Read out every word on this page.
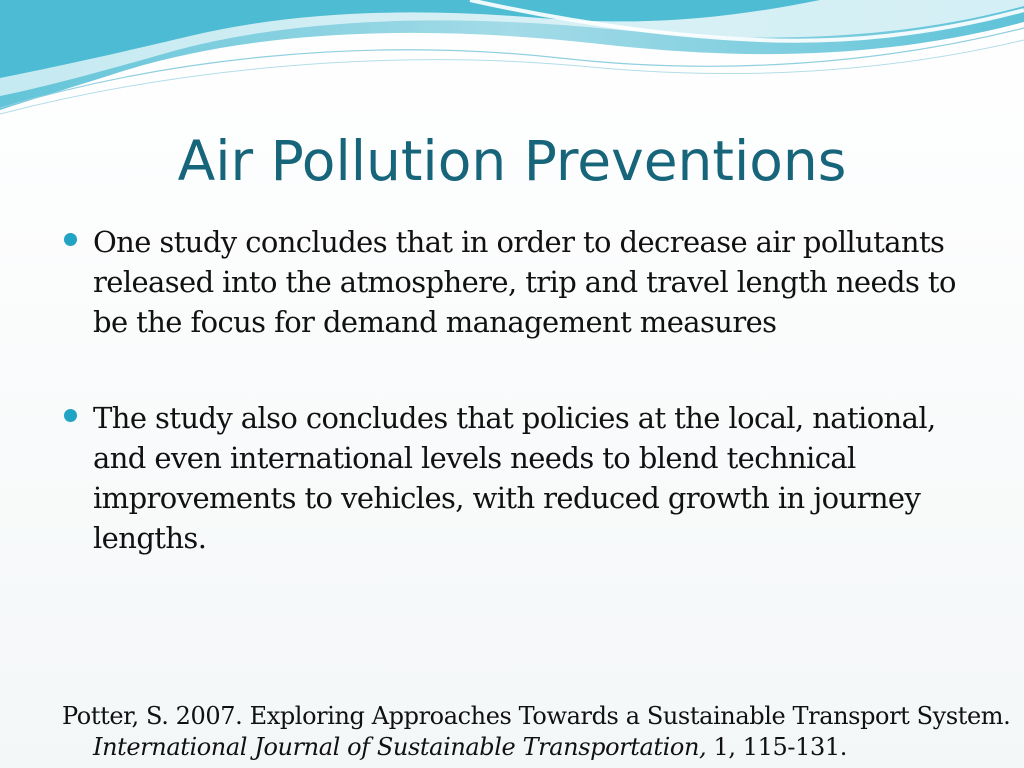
Air Pollution Preventions
One study concludes that in order to decrease air pollutants released into the atmosphere, trip and travel length needs to be the focus for demand management measures
The study also concludes that policies at the local, national, and even international levels needs to blend technical improvements to vehicles, with reduced growth in journey lengths.
Potter, S. 2007. Exploring Approaches Towards a Sustainable Transport System. International Journal of Sustainable Transportation, 1, 115-131.
